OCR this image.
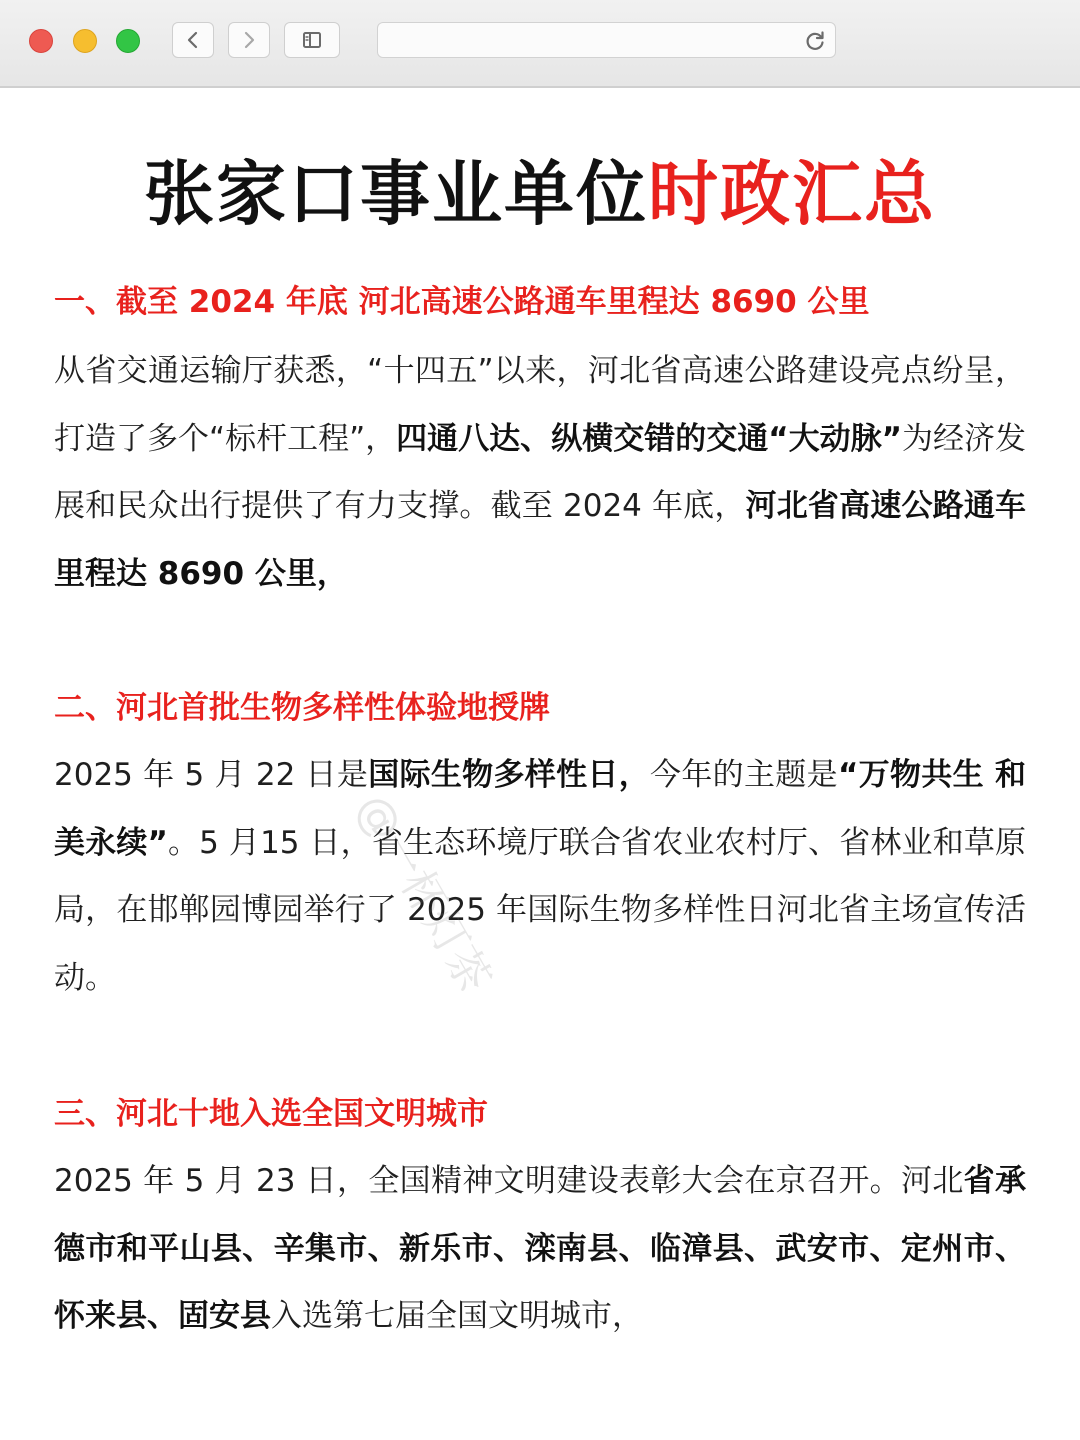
张家口事业单位时政汇总
一、截至 2024 年底 河北高速公路通车里程达 8690 公里
从省交通运输厅获悉，“十四五”以来，河北省高速公路建设亮点纷呈，打造了多个“标杆工程”，四通八达、纵横交错的交通“大动脉”为经济发展和民众出行提供了有力支撑。截至 2024 年底，河北省高速公路通车里程达 8690 公里，
二、河北首批生物多样性体验地授牌
2025 年 5 月 22 日是国际生物多样性日，今年的主题是“万物共生 和美永续”。5 月15 日，省生态环境厅联合省农业农村厅、省林业和草原局，在邯郸园博园举行了 2025 年国际生物多样性日河北省主场宣传活动。
三、河北十地入选全国文明城市
2025 年 5 月 23 日，全国精神文明建设表彰大会在京召开。河北省承德市和平山县、辛集市、新乐市、滦南县、临漳县、武安市、定州市、怀来县、固安县入选第七届全国文明城市，
@一杯灯茶
